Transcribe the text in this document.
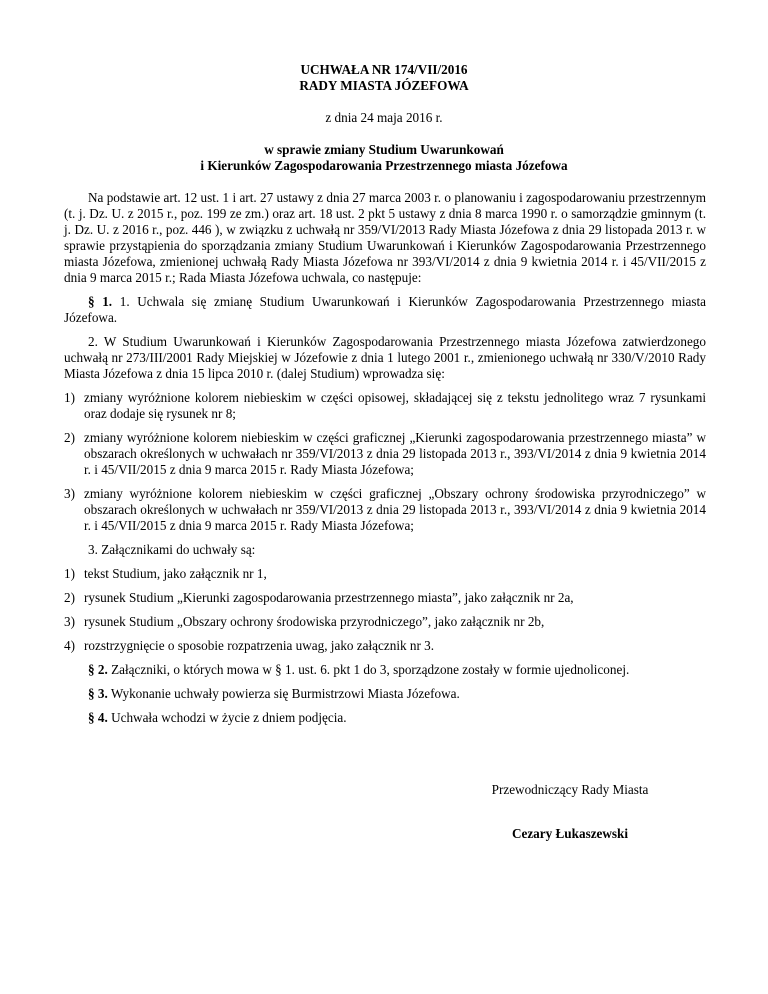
UCHWAŁA NR 174/VII/2016
RADY MIASTA JÓZEFOWA
z dnia 24 maja 2016 r.
w sprawie zmiany Studium Uwarunkowań
i Kierunków Zagospodarowania Przestrzennego miasta Józefowa

Na podstawie art. 12 ust. 1 i art. 27 ustawy z dnia 27 marca 2003 r. o planowaniu i zagospodarowaniu przestrzennym (t. j. Dz. U. z 2015 r., poz. 199 ze zm.) oraz art. 18 ust. 2 pkt 5 ustawy z dnia 8 marca 1990 r. o samorządzie gminnym (t. j. Dz. U. z 2016 r., poz. 446 ), w związku z uchwałą nr 359/VI/2013 Rady Miasta Józefowa z dnia 29 listopada 2013 r. w sprawie przystąpienia do sporządzania zmiany Studium Uwarunkowań i Kierunków Zagospodarowania Przestrzennego miasta Józefowa, zmienionej uchwałą Rady Miasta Józefowa nr 393/VI/2014 z dnia 9 kwietnia 2014 r. i 45/VII/2015 z dnia 9 marca 2015 r.; Rada Miasta Józefowa uchwala, co następuje:

§ 1. 1. Uchwala się zmianę Studium Uwarunkowań i Kierunków Zagospodarowania Przestrzennego miasta Józefowa.

2. W Studium Uwarunkowań i Kierunków Zagospodarowania Przestrzennego miasta Józefowa zatwierdzonego uchwałą nr 273/III/2001 Rady Miejskiej w Józefowie z dnia 1 lutego 2001 r., zmienionego uchwałą nr 330/V/2010 Rady Miasta Józefowa z dnia 15 lipca 2010 r. (dalej Studium) wprowadza się:

1) zmiany wyróżnione kolorem niebieskim w części opisowej, składającej się z tekstu jednolitego wraz 7 rysunkami oraz dodaje się rysunek nr 8;
2) zmiany wyróżnione kolorem niebieskim w części graficznej „Kierunki zagospodarowania przestrzennego miasta” w obszarach określonych w uchwałach nr 359/VI/2013 z dnia 29 listopada 2013 r., 393/VI/2014 z dnia 9 kwietnia 2014 r. i 45/VII/2015 z dnia 9 marca 2015 r. Rady Miasta Józefowa;
3) zmiany wyróżnione kolorem niebieskim w części graficznej „Obszary ochrony środowiska przyrodniczego” w obszarach określonych w uchwałach nr 359/VI/2013 z dnia 29 listopada 2013 r., 393/VI/2014 z dnia 9 kwietnia 2014 r. i 45/VII/2015 z dnia 9 marca 2015 r. Rady Miasta Józefowa;

3. Załącznikami do uchwały są:

1) tekst Studium, jako załącznik nr 1,
2) rysunek Studium „Kierunki zagospodarowania przestrzennego miasta”, jako załącznik nr 2a,
3) rysunek Studium „Obszary ochrony środowiska przyrodniczego”, jako załącznik nr 2b,
4) rozstrzygnięcie o sposobie rozpatrzenia uwag, jako załącznik nr 3.

§ 2. Załączniki, o których mowa w § 1. ust. 6. pkt 1 do 3, sporządzone zostały w formie ujednoliconej.

§ 3. Wykonanie uchwały powierza się Burmistrzowi Miasta Józefowa.

§ 4. Uchwała wchodzi w życie z dniem podjęcia.

Przewodniczący Rady Miasta
Cezary Łukaszewski
